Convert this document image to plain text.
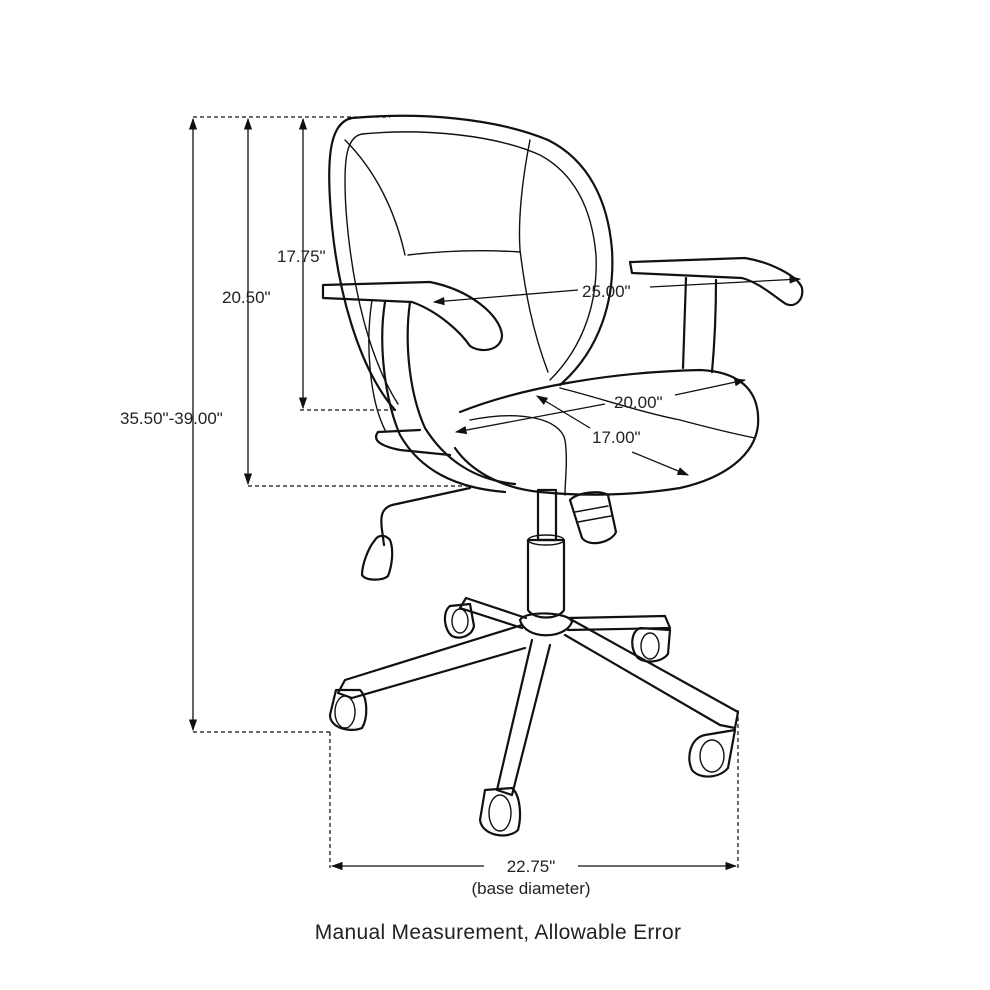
17.75"
20.50"
35.50"-39.00"
25.00"
20.00"
17.00"
22.75"
(base diameter)
Manual Measurement, Allowable Error
